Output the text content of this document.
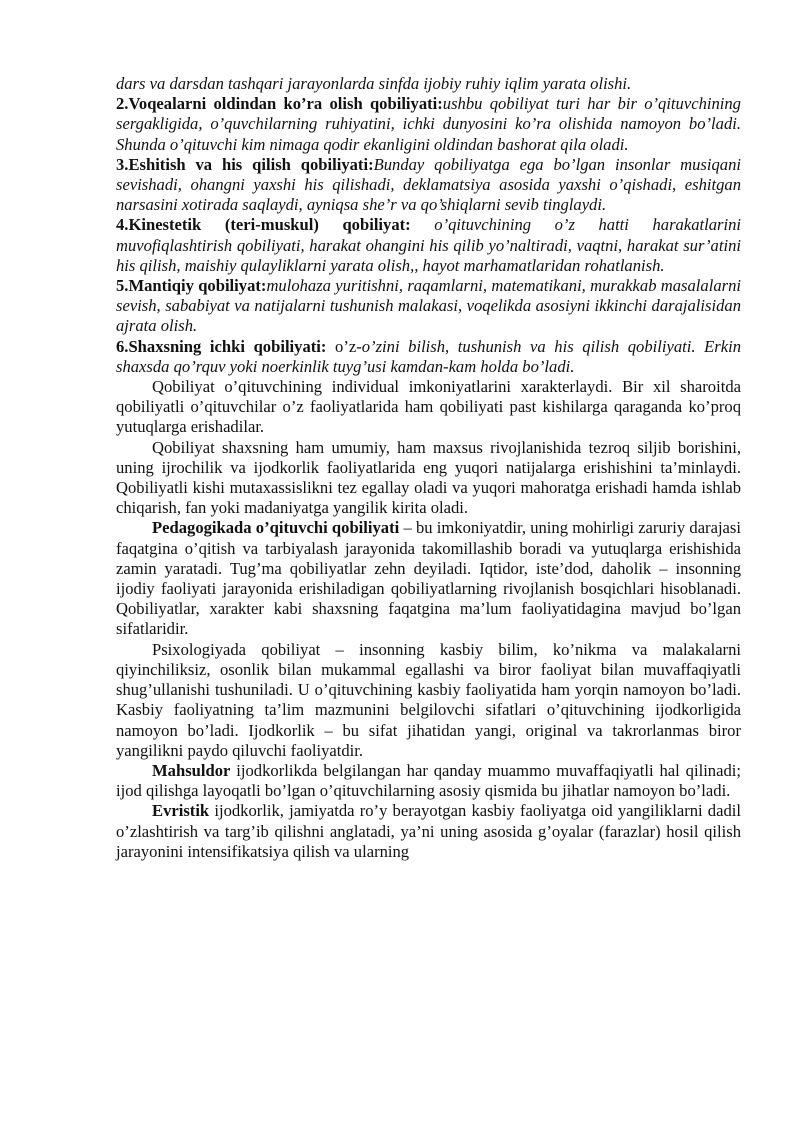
dars va darsdan tashqari jarayonlarda sinfda ijobiy ruhiy iqlim yarata olishi.

2.Voqealarni oldindan ko’ra olish qobiliyati:ushbu qobiliyat turi har bir o’qituvchining sergakligida, o’quvchilarning ruhiyatini, ichki dunyosini ko’ra olishida namoyon bo’ladi. Shunda o’qituvchi kim nimaga qodir ekanligini oldindan bashorat qila oladi.

3.Eshitish va his qilish qobiliyati:Bunday qobiliyatga ega bo’lgan insonlar musiqani sevishadi, ohangni yaxshi his qilishadi, deklamatsiya asosida yaxshi o’qishadi, eshitgan narsasini xotirada saqlaydi, ayniqsa she’r va qo’shiqlarni sevib tinglaydi.

4.Kinestetik (teri-muskul) qobiliyat: o’qituvchining o’z hatti harakatlarini muvofiqlashtirish qobiliyati, harakat ohangini his qilib yo’naltiradi, vaqtni, harakat sur’atini his qilish, maishiy qulayliklarni yarata olish,, hayot marhamatlaridan rohatlanish.

5.Mantiqiy qobiliyat:mulohaza yuritishni, raqamlarni, matematikani, murakkab masalalarni sevish, sababiyat va natijalarni tushunish malakasi, voqelikda asosiyni ikkinchi darajalisidan ajrata olish.

6.Shaxsning ichki qobiliyati: o’z-o’zini bilish, tushunish va his qilish qobiliyati. Erkin shaxsda qo’rquv yoki noerkinlik tuyg’usi kamdan-kam holda bo’ladi.

Qobiliyat o’qituvchining individual imkoniyatlarini xarakterlaydi. Bir xil sharoitda qobiliyatli o’qituvchilar o’z faoliyatlarida ham qobiliyati past kishilarga qaraganda ko’proq yutuqlarga erishadilar.

Qobiliyat shaxsning ham umumiy, ham maxsus rivojlanishida tezroq siljib borishini, uning ijrochilik va ijodkorlik faoliyatlarida eng yuqori natijalarga erishishini ta’minlaydi. Qobiliyatli kishi mutaxassislikni tez egallay oladi va yuqori mahoratga erishadi hamda ishlab chiqarish, fan yoki madaniyatga yangilik kirita oladi.

Pedagogikada o’qituvchi qobiliyati – bu imkoniyatdir, uning mohirligi zaruriy darajasi faqatgina o’qitish va tarbiyalash jarayonida takomillashib boradi va yutuqlarga erishishida zamin yaratadi. Tug’ma qobiliyatlar zehn deyiladi. Iqtidor, iste’dod, daholik – insonning ijodiy faoliyati jarayonida erishiladigan qobiliyatlarning rivojlanish bosqichlari hisoblanadi. Qobiliyatlar, xarakter kabi shaxsning faqatgina ma’lum faoliyatidagina mavjud bo’lgan sifatlaridir.

Psixologiyada qobiliyat – insonning kasbiy bilim, ko’nikma va malakalarni qiyinchiliksiz, osonlik bilan mukammal egallashi va biror faoliyat bilan muvaffaqiyatli shug’ullanishi tushuniladi. U o’qituvchining kasbiy faoliyatida ham yorqin namoyon bo’ladi. Kasbiy faoliyatning ta’lim mazmunini belgilovchi sifatlari o’qituvchining ijodkorligida namoyon bo’ladi. Ijodkorlik – bu sifat jihatidan yangi, original va takrorlanmas biror yangilikni paydo qiluvchi faoliyatdir.

Mahsuldor ijodkorlikda belgilangan har qanday muammo muvaffaqiyatli hal qilinadi; ijod qilishga layoqatli bo’lgan o’qituvchilarning asosiy qismida bu jihatlar namoyon bo’ladi.

Evristik ijodkorlik, jamiyatda ro’y berayotgan kasbiy faoliyatga oid yangiliklarni dadil o’zlashtirish va targ’ib qilishni anglatadi, ya’ni uning asosida g’oyalar (farazlar) hosil qilish jarayonini intensifikatsiya qilish va ularning
